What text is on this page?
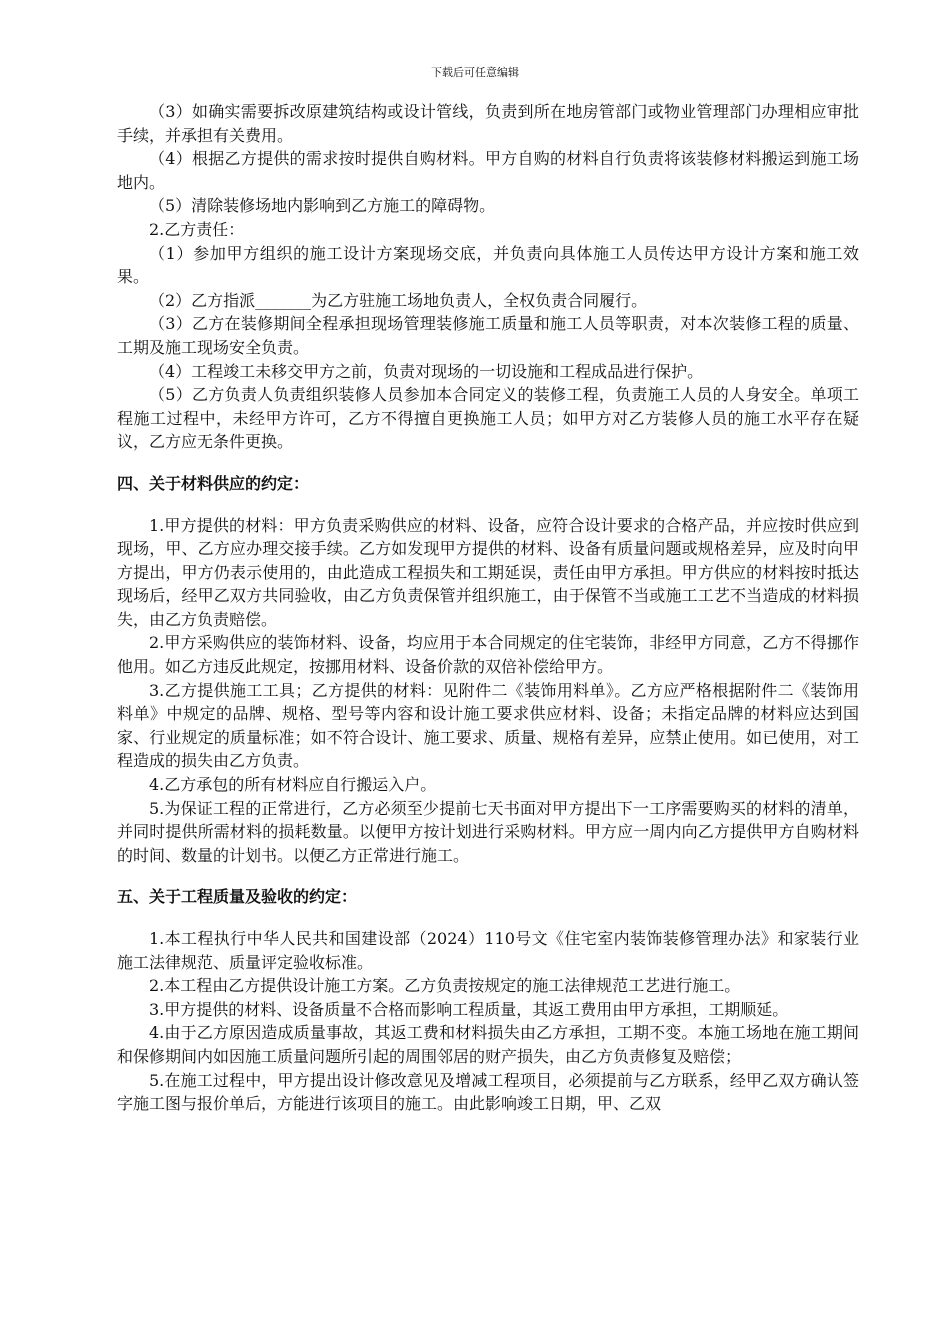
下载后可任意编辑

（3）如确实需要拆改原建筑结构或设计管线，负责到所在地房管部门或物业管理部门办理相应审批手续，并承担有关费用。

（4）根据乙方提供的需求按时提供自购材料。甲方自购的材料自行负责将该装修材料搬运到施工场地内。

（5）清除装修场地内影响到乙方施工的障碍物。

2.乙方责任：

（1）参加甲方组织的施工设计方案现场交底，并负责向具体施工人员传达甲方设计方案和施工效果。

（2）乙方指派_______为乙方驻施工场地负责人，全权负责合同履行。

（3）乙方在装修期间全程承担现场管理装修施工质量和施工人员等职责，对本次装修工程的质量、工期及施工现场安全负责。

（4）工程竣工未移交甲方之前，负责对现场的一切设施和工程成品进行保护。

（5）乙方负责人负责组织装修人员参加本合同定义的装修工程，负责施工人员的人身安全。单项工程施工过程中，未经甲方许可，乙方不得擅自更换施工人员；如甲方对乙方装修人员的施工水平存在疑议，乙方应无条件更换。

四、关于材料供应的约定：

1.甲方提供的材料：甲方负责采购供应的材料、设备，应符合设计要求的合格产品，并应按时供应到现场，甲、乙方应办理交接手续。乙方如发现甲方提供的材料、设备有质量问题或规格差异，应及时向甲方提出，甲方仍表示使用的，由此造成工程损失和工期延误，责任由甲方承担。甲方供应的材料按时抵达现场后，经甲乙双方共同验收，由乙方负责保管并组织施工，由于保管不当或施工工艺不当造成的材料损失，由乙方负责赔偿。

2.甲方采购供应的装饰材料、设备，均应用于本合同规定的住宅装饰，非经甲方同意，乙方不得挪作他用。如乙方违反此规定，按挪用材料、设备价款的双倍补偿给甲方。

3.乙方提供施工工具；乙方提供的材料：见附件二《装饰用料单》。乙方应严格根据附件二《装饰用料单》中规定的品牌、规格、型号等内容和设计施工要求供应材料、设备；未指定品牌的材料应达到国家、行业规定的质量标准；如不符合设计、施工要求、质量、规格有差异，应禁止使用。如已使用，对工程造成的损失由乙方负责。

4.乙方承包的所有材料应自行搬运入户。

5.为保证工程的正常进行，乙方必须至少提前七天书面对甲方提出下一工序需要购买的材料的清单，并同时提供所需材料的损耗数量。以便甲方按计划进行采购材料。甲方应一周内向乙方提供甲方自购材料的时间、数量的计划书。以便乙方正常进行施工。

五、关于工程质量及验收的约定：

1.本工程执行中华人民共和国建设部（2024）110号文《住宅室内装饰装修管理办法》和家装行业施工法律规范、质量评定验收标准。

2.本工程由乙方提供设计施工方案。乙方负责按规定的施工法律规范工艺进行施工。

3.甲方提供的材料、设备质量不合格而影响工程质量，其返工费用由甲方承担，工期顺延。

4.由于乙方原因造成质量事故，其返工费和材料损失由乙方承担，工期不变。本施工场地在施工期间和保修期间内如因施工质量问题所引起的周围邻居的财产损失，由乙方负责修复及赔偿；

5.在施工过程中，甲方提出设计修改意见及增减工程项目，必须提前与乙方联系，经甲乙双方确认签字施工图与报价单后，方能进行该项目的施工。由此影响竣工日期，甲、乙双
